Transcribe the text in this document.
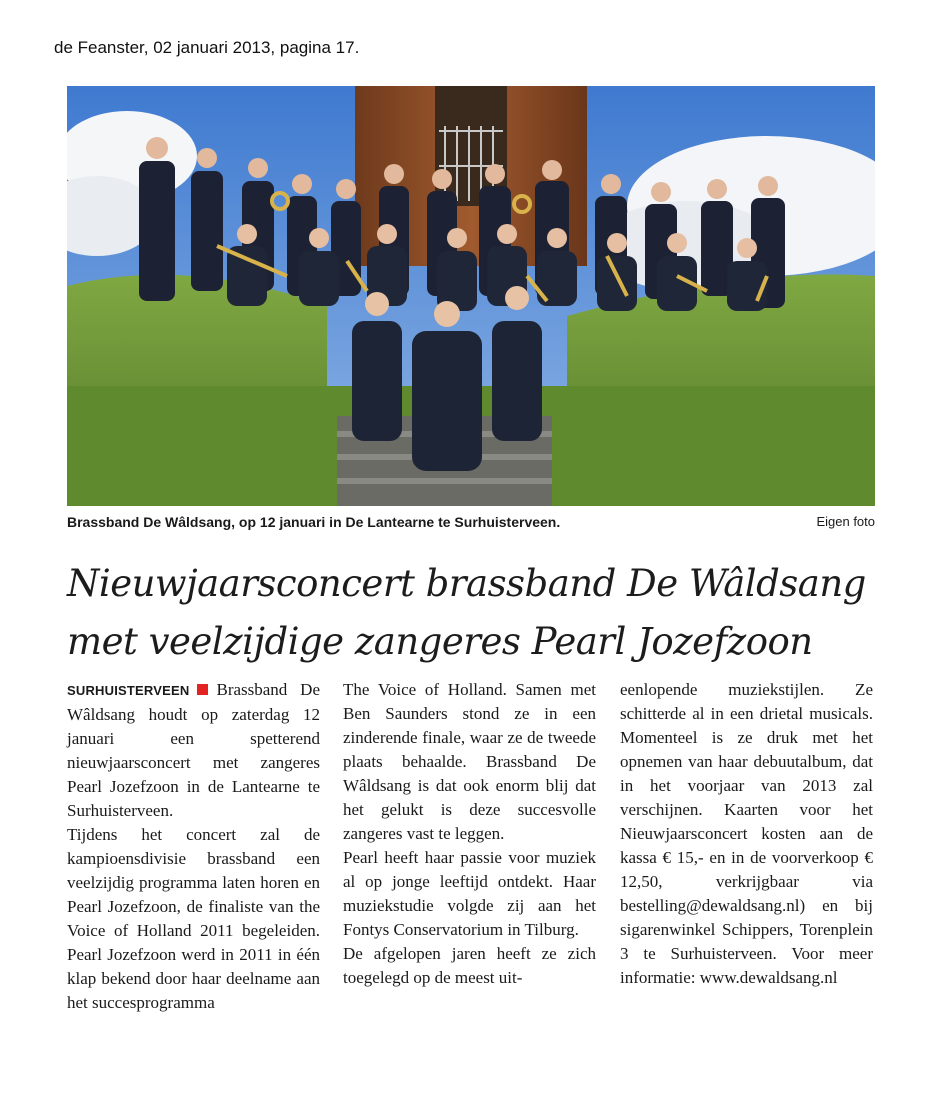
de Feanster, 02 januari 2013, pagina 17.
Brassband De Wâldsang, op 12 januari in De Lantearne te Surhuisterveen.	Eigen foto
Nieuwjaarsconcert brassband De Wâldsang
met veelzijdige zangeres Pearl Jozefzoon

SURHUISTERVEEN Brassband De Wâldsang houdt op zaterdag 12 januari een spetterend nieuwjaarsconcert met zangeres Pearl Jozefzoon in de Lantearne te Surhuisterveen.

Tijdens het concert zal de kampioensdivisie brassband een veelzijdig programma laten horen en Pearl Jozefzoon, de finaliste van the Voice of Holland 2011 begeleiden. Pearl Jozefzoon werd in 2011 in één klap bekend door haar deelname aan het succesprogramma

The Voice of Holland. Samen met Ben Saunders stond ze in een zinderende finale, waar ze de tweede plaats behaalde. Brassband De Wâldsang is dat ook enorm blij dat het gelukt is deze succesvolle zangeres vast te leggen.

Pearl heeft haar passie voor muziek al op jonge leeftijd ontdekt. Haar muziekstudie volgde zij aan het Fontys Conservatorium in Tilburg.

De afgelopen jaren heeft ze zich toegelegd op de meest uit-

eenlopende muziekstijlen. Ze schitterde al in een drietal musicals. Momenteel is ze druk met het opnemen van haar debuutalbum, dat in het voorjaar van 2013 zal verschijnen. Kaarten voor het Nieuwjaarsconcert kosten aan de kassa € 15,- en in de voorverkoop € 12,50, verkrijgbaar via bestelling@dewaldsang.nl) en bij sigarenwinkel Schippers, Torenplein 3 te Surhuisterveen. Voor meer informatie: www.dewaldsang.nl
